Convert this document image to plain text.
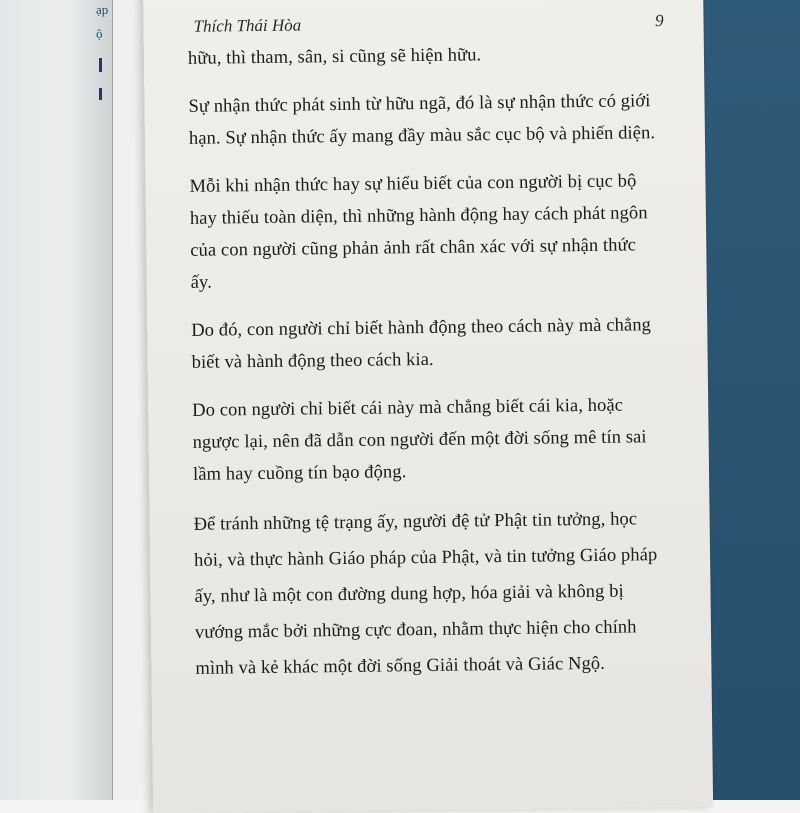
ạp
ộ	Thích Thái Hòa	9

hữu, thì tham, sân, si cũng sẽ hiện hữu.

Sự nhận thức phát sinh từ hữu ngã, đó là sự nhận thức có giới hạn. Sự nhận thức ấy mang đầy màu sắc cục bộ và phiến diện.

Mỗi khi nhận thức hay sự hiểu biết của con người bị cục bộ hay thiếu toàn diện, thì những hành động hay cách phát ngôn của con người cũng phản ảnh rất chân xác với sự nhận thức ấy.

Do đó, con người chỉ biết hành động theo cách này mà chẳng biết và hành động theo cách kia.

Do con người chỉ biết cái này mà chẳng biết cái kia, hoặc ngược lại, nên đã dẫn con người đến một đời sống mê tín sai lầm hay cuồng tín bạo động.

Để tránh những tệ trạng ấy, người đệ tử Phật tin tưởng, học hỏi, và thực hành Giáo pháp của Phật, và tin tưởng Giáo pháp ấy, như là một con đường dung hợp, hóa giải và không bị vướng mắc bởi những cực đoan, nhằm thực hiện cho chính mình và kẻ khác một đời sống Giải thoát và Giác Ngộ.
